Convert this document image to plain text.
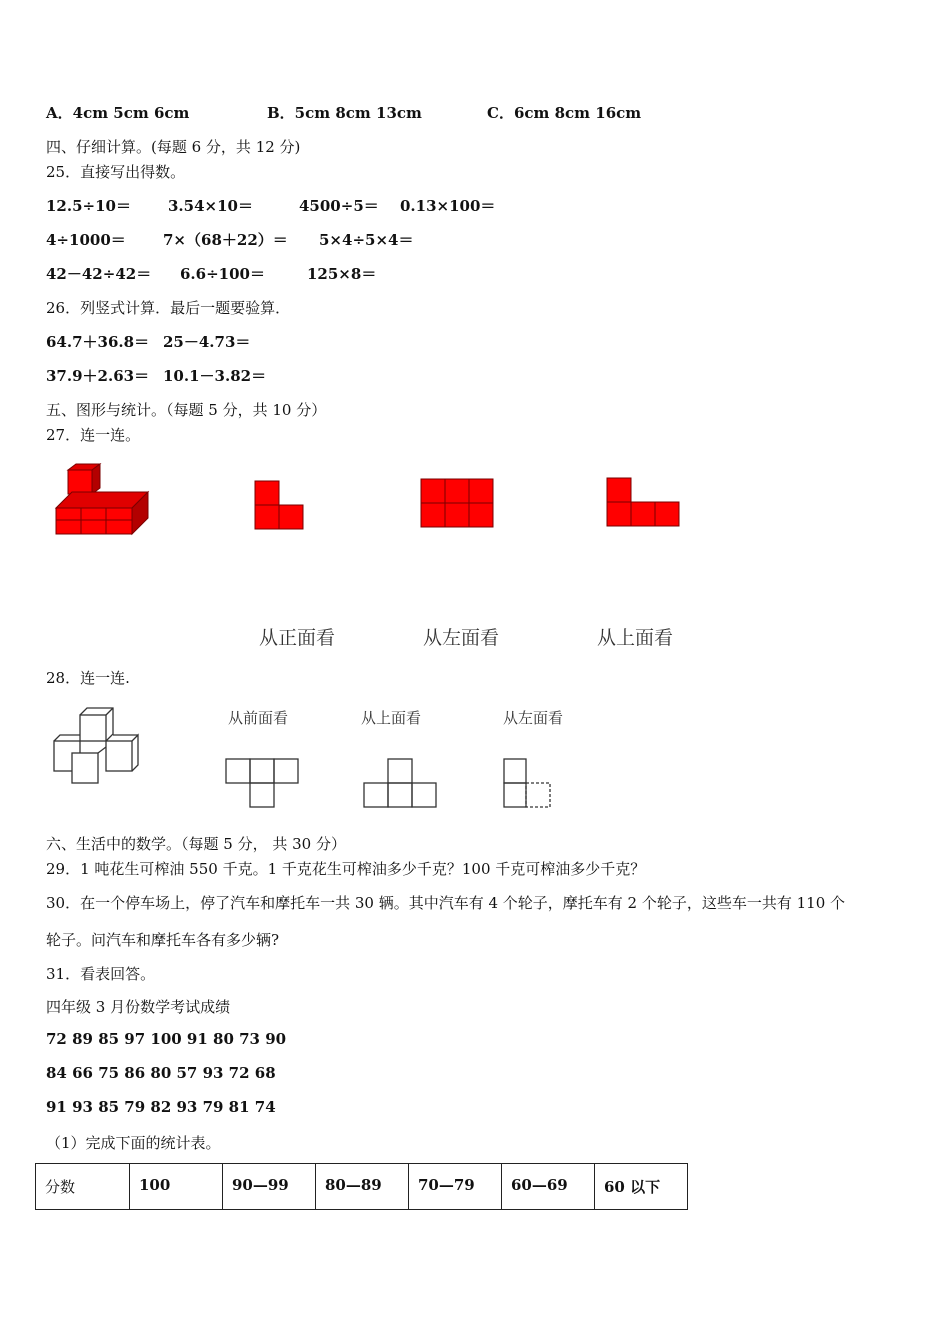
A．4cm 5cm 6cm	B．5cm 8cm 13cm	C．6cm 8cm 16cm
四、仔细计算。(每题 6 分，共 12 分)
25．直接写出得数。
12.5÷10＝ 3.54×10＝	4500÷5＝ 0.13×100＝
4÷1000＝ 7×（68＋22）＝ 5×4÷5×4＝
42－42÷42＝ 6.6÷100＝	125×8＝
26．列竖式计算．最后一题要验算．
64.7＋36.8＝ 25－4.73＝
37.9＋2.63＝ 10.1－3.82＝
五、图形与统计。（每题 5 分，共 10 分）
27．连一连。
从正面看	从左面看	从上面看
28．连一连.
从前面看	从上面看	从左面看
六、生活中的数学。（每题 5 分， 共 30 分）
29．1 吨花生可榨油 550 千克。1 千克花生可榨油多少千克？100 千克可榨油多少千克？
30．在一个停车场上，停了汽车和摩托车一共 30 辆。其中汽车有 4 个轮子，摩托车有 2 个轮子，这些车一共有 110 个
轮子。问汽车和摩托车各有多少辆?
31．看表回答。
四年级 3 月份数学考试成绩
72 89 85 97 100 91 80 73 90
84 66 75 86 80 57 93 72 68
91 93 85 79 82 93 79 81 74
（1）完成下面的统计表。
分数	100	90—99	80—89	70—79	60—69	60 以下
